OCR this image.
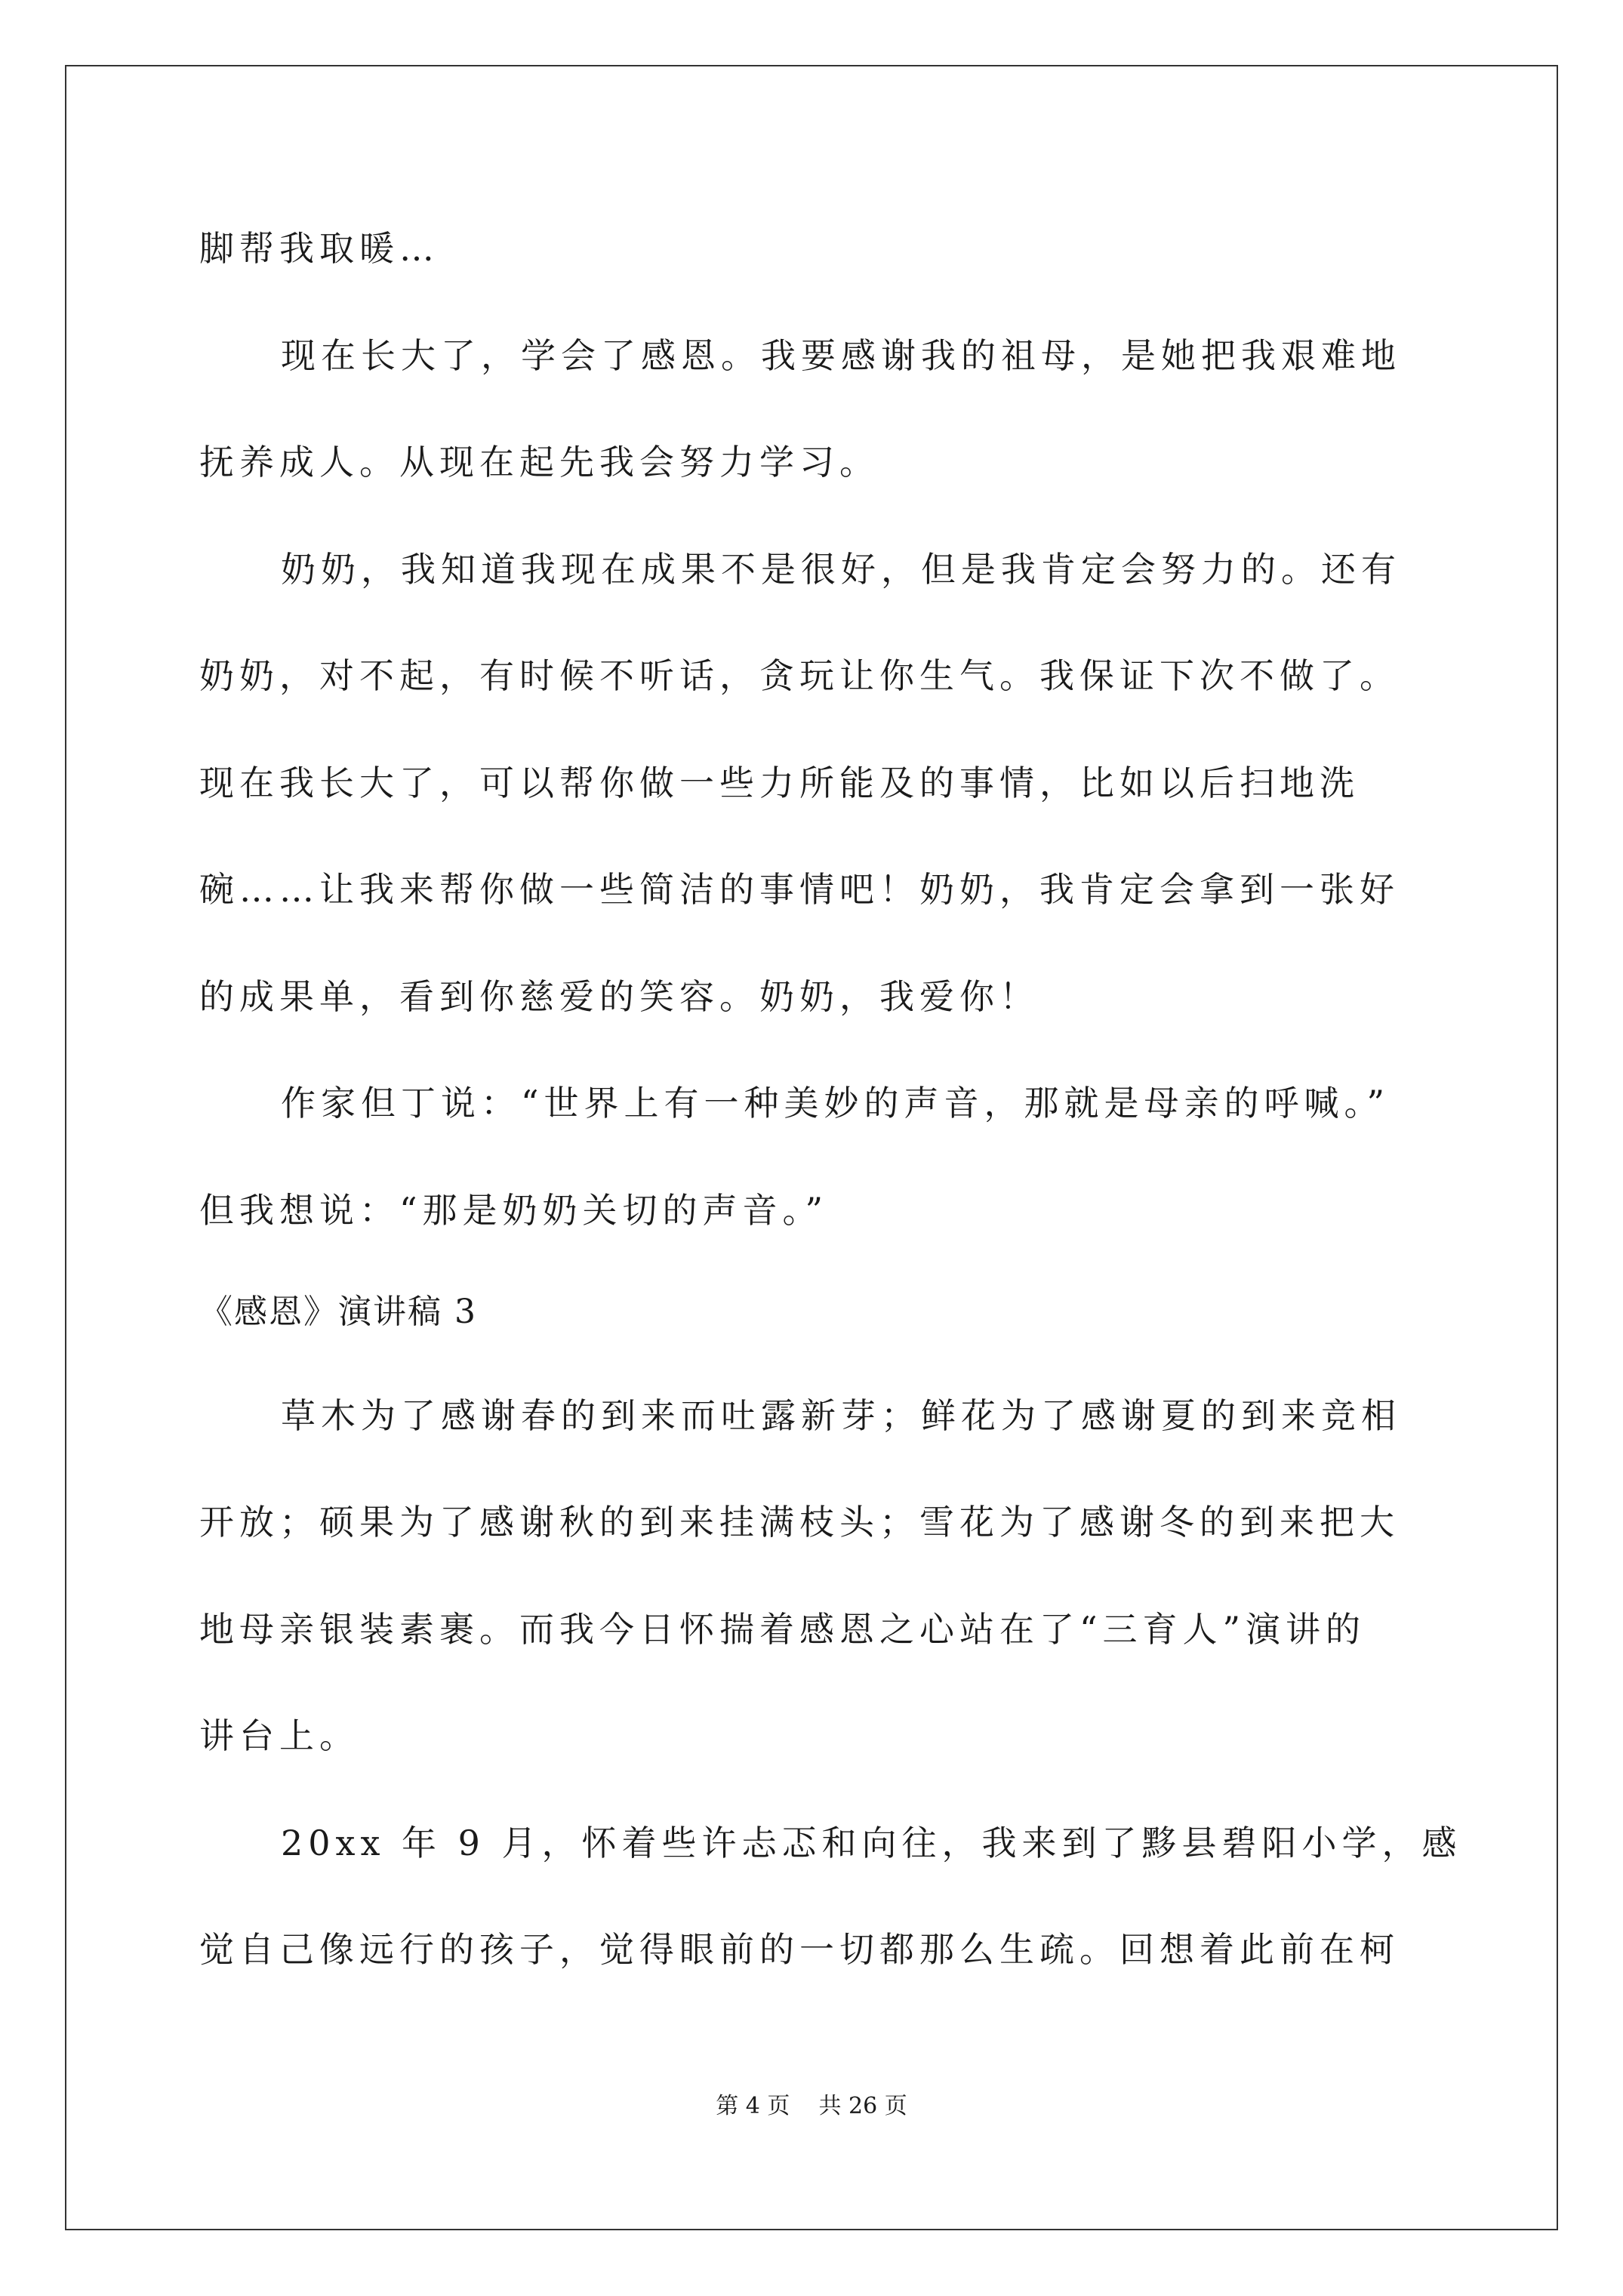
脚帮我取暖…
现在长大了，学会了感恩。我要感谢我的祖母，是她把我艰难地
抚养成人。从现在起先我会努力学习。
奶奶，我知道我现在成果不是很好，但是我肯定会努力的。还有
奶奶，对不起，有时候不听话，贪玩让你生气。我保证下次不做了。
现在我长大了，可以帮你做一些力所能及的事情，比如以后扫地洗
碗……让我来帮你做一些简洁的事情吧！奶奶，我肯定会拿到一张好
的成果单，看到你慈爱的笑容。奶奶，我爱你！
作家但丁说：“世界上有一种美妙的声音，那就是母亲的呼喊。”
但我想说：“那是奶奶关切的声音。”
《感恩》演讲稿 3
草木为了感谢春的到来而吐露新芽；鲜花为了感谢夏的到来竞相
开放；硕果为了感谢秋的到来挂满枝头；雪花为了感谢冬的到来把大
地母亲银装素裹。而我今日怀揣着感恩之心站在了“三育人”演讲的
讲台上。
20xx 年 9 月，怀着些许忐忑和向往，我来到了黟县碧阳小学，感
觉自己像远行的孩子，觉得眼前的一切都那么生疏。回想着此前在柯
第 4 页    共 26 页
